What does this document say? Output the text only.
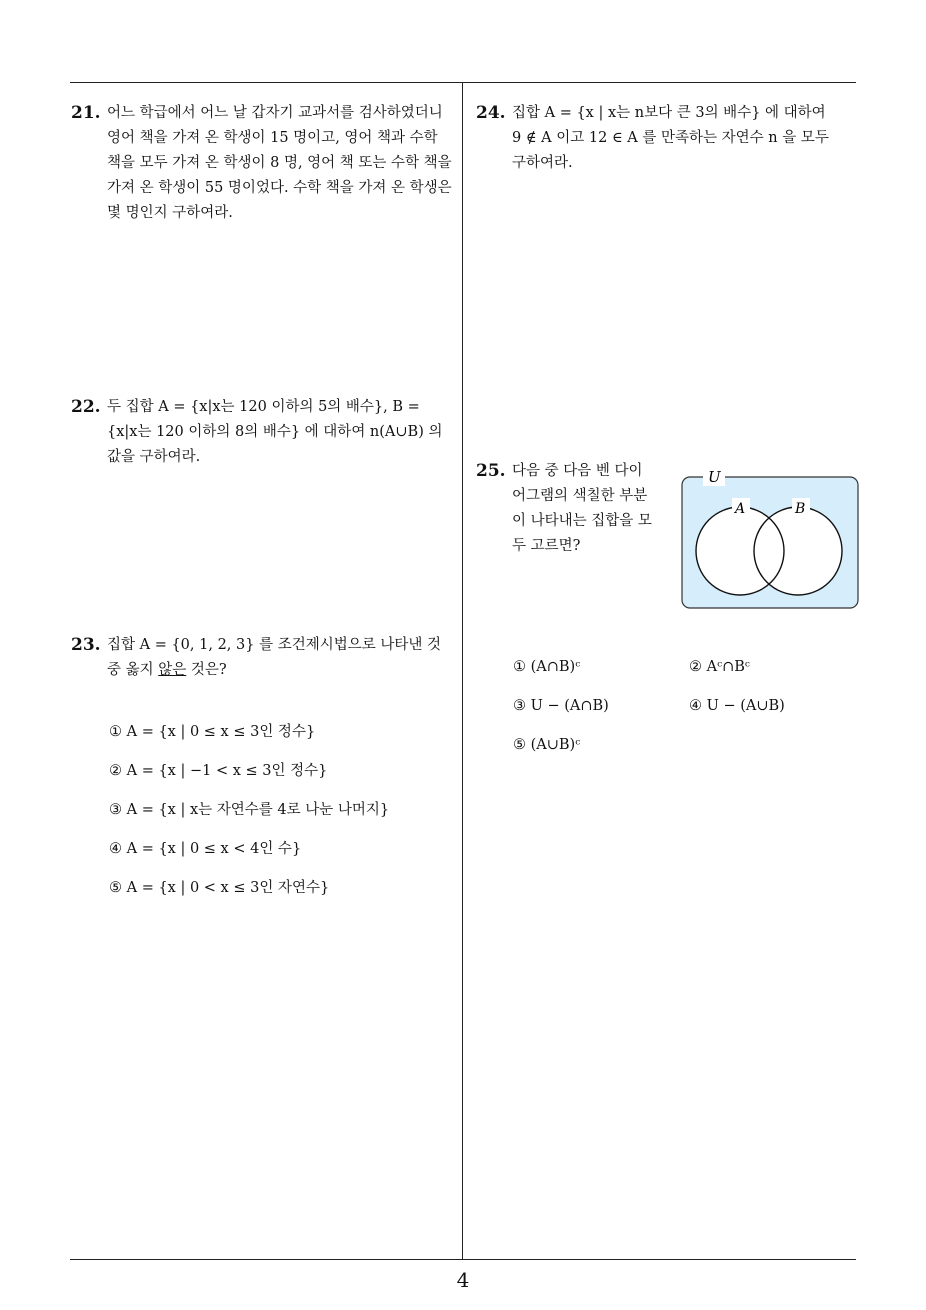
21. 어느 학급에서 어느 날 갑자기 교과서를 검사하였더니
영어 책을 가져 온 학생이 15 명이고, 영어 책과 수학
책을 모두 가져 온 학생이 8 명, 영어 책 또는 수학 책을
가져 온 학생이 55 명이었다. 수학 책을 가져 온 학생은
몇 명인지 구하여라.
22. 두 집합 A = {x|x는 120 이하의 5의 배수}, B =
{x|x는 120 이하의 8의 배수} 에 대하여 n(A∪B) 의
값을 구하여라.
23. 집합 A = {0, 1, 2, 3} 를 조건제시법으로 나타낸 것
중 옳지 않은 것은?
① A = {x | 0 ≤ x ≤ 3인 정수}
② A = {x | −1 < x ≤ 3인 정수}
③ A = {x | x는 자연수를 4로 나눈 나머지}
④ A = {x | 0 ≤ x < 4인 수}
⑤ A = {x | 0 < x ≤ 3인 자연수}
24. 집합 A = {x | x는 n보다 큰 3의 배수} 에 대하여
9 ∉ A 이고 12 ∈ A 를 만족하는 자연수 n 을 모두
구하여라.
25. 다음 중 다음 벤 다이
어그램의 색칠한 부분
이 나타내는 집합을 모
두 고르면?
U
A	B
① (A∩B)ᶜ	② Aᶜ∩Bᶜ
③ U − (A∩B)	④ U − (A∪B)
⑤ (A∪B)ᶜ
4
